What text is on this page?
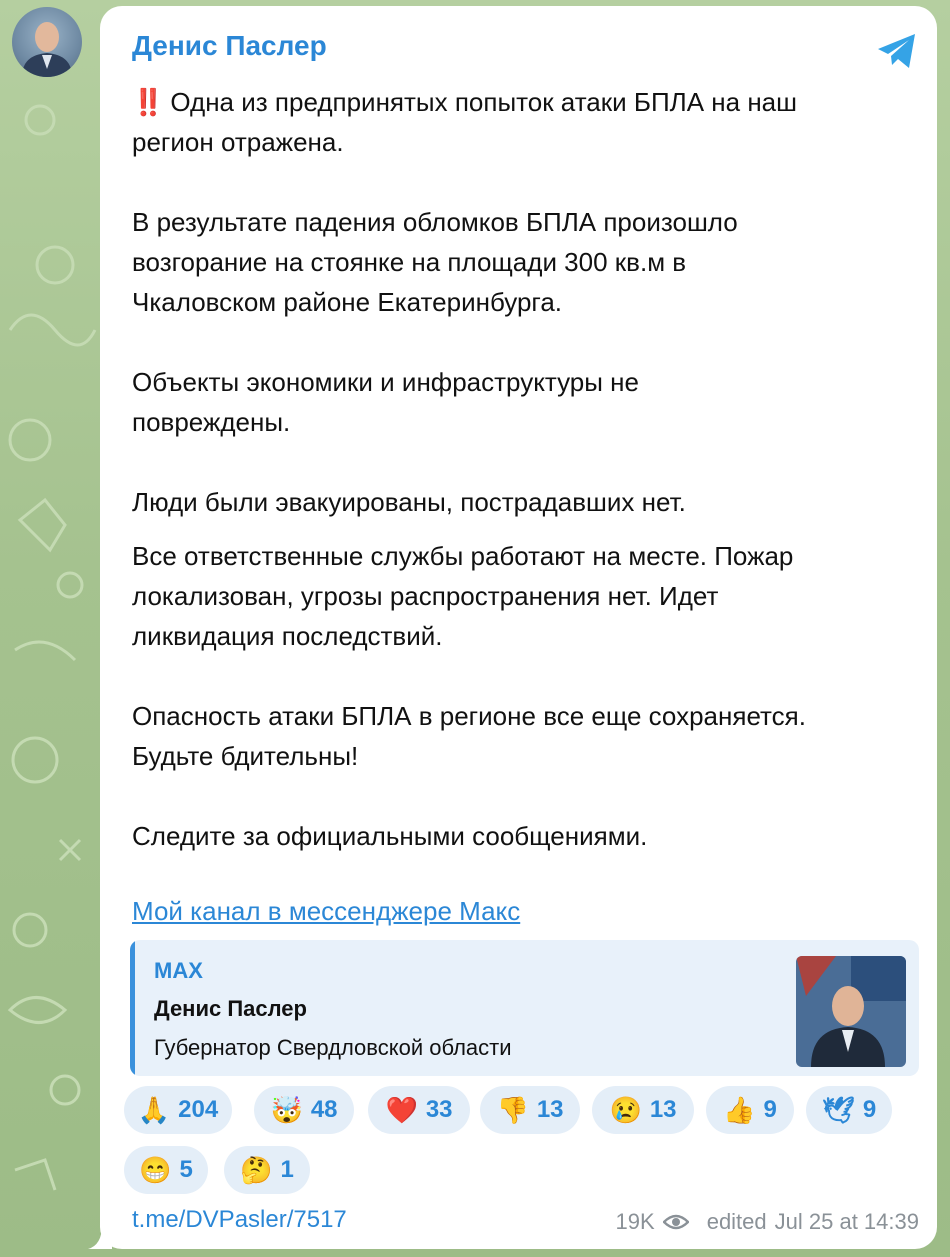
Денис Паслер
‼️ Одна из предпринятых попыток атаки БПЛА на наш
регион отражена.

В результате падения обломков БПЛА произошло
возгорание на стоянке на площади 300 кв.м в
Чкаловском районе Екатеринбурга.

Объекты экономики и инфраструктуры не
повреждены.

Люди были эвакуированы, пострадавших нет.
Все ответственные службы работают на месте. Пожар
локализован, угрозы распространения нет. Идет
ликвидация последствий.

Опасность атаки БПЛА в регионе все еще сохраняется.
Будьте бдительны!

Следите за официальными сообщениями.
Мой канал в мессенджере Макс
MAX
Денис Паслер
Губернатор Свердловской области
🙏 204 🤯 48 ❤️ 33 👎 13 😢 13 👍 9 🕊 9
😁 5 🤔 1
t.me/DVPasler/7517	19K edited Jul 25 at 14:39
